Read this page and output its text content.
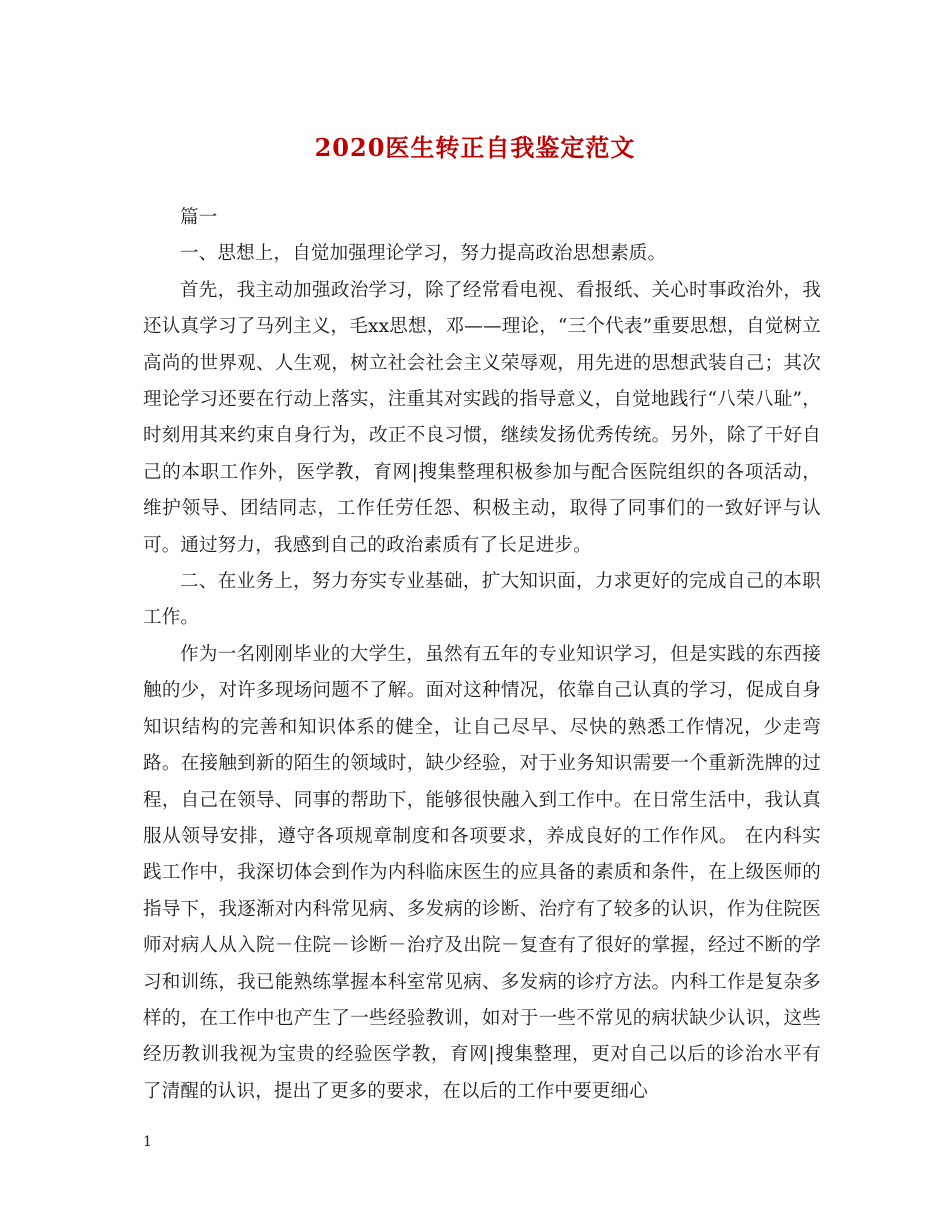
2020医生转正自我鉴定范文

篇一

一、思想上，自觉加强理论学习，努力提高政治思想素质。

首先，我主动加强政治学习，除了经常看电视、看报纸、关心时事政治外，我还认真学习了马列主义，毛xx思想，邓——理论，“三个代表”重要思想，自觉树立高尚的世界观、人生观，树立社会社会主义荣辱观，用先进的思想武装自己；其次理论学习还要在行动上落实，注重其对实践的指导意义，自觉地践行“八荣八耻”，时刻用其来约束自身行为，改正不良习惯，继续发扬优秀传统。另外，除了干好自己的本职工作外，医学教，育网|搜集整理积极参加与配合医院组织的各项活动，维护领导、团结同志，工作任劳任怨、积极主动，取得了同事们的一致好评与认可。通过努力，我感到自己的政治素质有了长足进步。

二、在业务上，努力夯实专业基础，扩大知识面，力求更好的完成自己的本职工作。

作为一名刚刚毕业的大学生，虽然有五年的专业知识学习，但是实践的东西接触的少，对许多现场问题不了解。面对这种情况，依靠自己认真的学习，促成自身知识结构的完善和知识体系的健全，让自己尽早、尽快的熟悉工作情况，少走弯路。在接触到新的陌生的领域时，缺少经验，对于业务知识需要一个重新洗牌的过程，自己在领导、同事的帮助下，能够很快融入到工作中。在日常生活中，我认真服从领导安排，遵守各项规章制度和各项要求，养成良好的工作作风。 在内科实践工作中，我深切体会到作为内科临床医生的应具备的素质和条件，在上级医师的指导下，我逐渐对内科常见病、多发病的诊断、治疗有了较多的认识，作为住院医师对病人从入院－住院－诊断－治疗及出院－复查有了很好的掌握，经过不断的学习和训练，我已能熟练掌握本科室常见病、多发病的诊疗方法。内科工作是复杂多样的，在工作中也产生了一些经验教训，如对于一些不常见的病状缺少认识，这些经历教训我视为宝贵的经验医学教，育网|搜集整理，更对自己以后的诊治水平有了清醒的认识，提出了更多的要求，在以后的工作中要更细心

1
